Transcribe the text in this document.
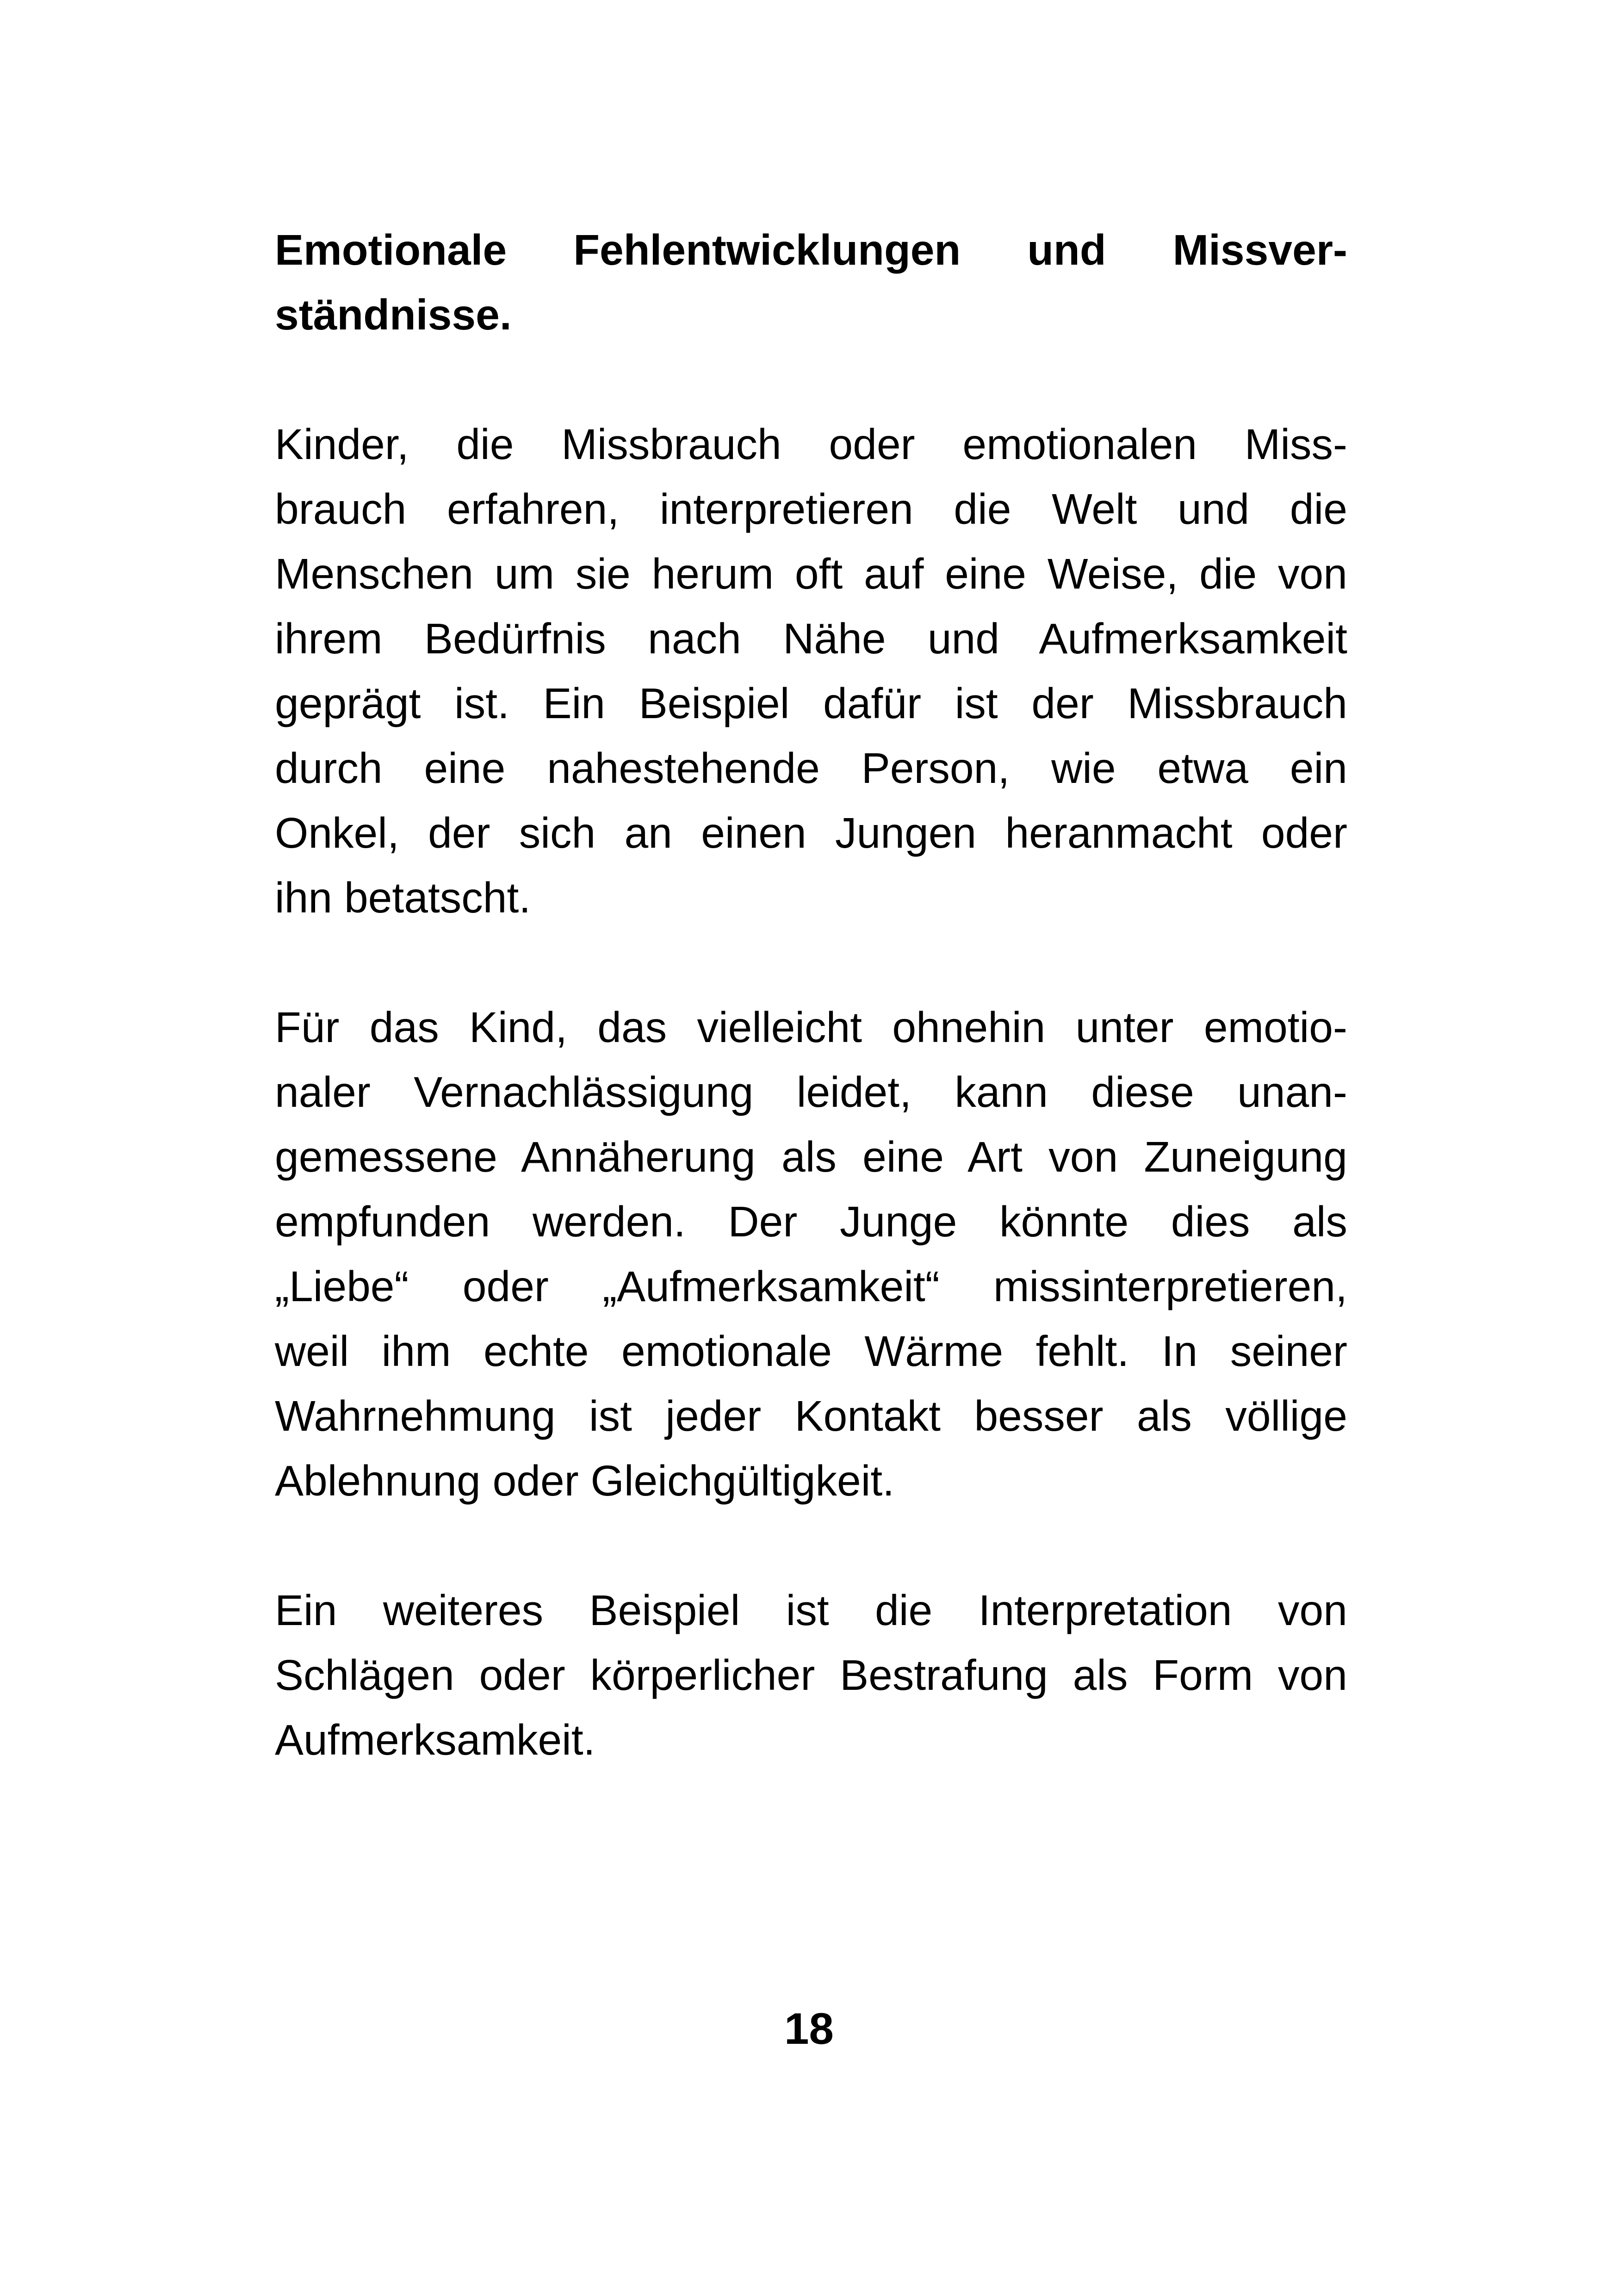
Emotionale Fehlentwicklungen und Missver-
ständnisse.
Kinder, die Missbrauch oder emotionalen Miss-
brauch erfahren, interpretieren die Welt und die
Menschen um sie herum oft auf eine Weise, die von
ihrem Bedürfnis nach Nähe und Aufmerksamkeit
geprägt ist. Ein Beispiel dafür ist der Missbrauch
durch eine nahestehende Person, wie etwa ein
Onkel, der sich an einen Jungen heranmacht oder
ihn betatscht.
Für das Kind, das vielleicht ohnehin unter emotio-
naler Vernachlässigung leidet, kann diese unan-
gemessene Annäherung als eine Art von Zuneigung
empfunden werden. Der Junge könnte dies als
„Liebe“ oder „Aufmerksamkeit“ missinterpretieren,
weil ihm echte emotionale Wärme fehlt. In seiner
Wahrnehmung ist jeder Kontakt besser als völlige
Ablehnung oder Gleichgültigkeit.
Ein weiteres Beispiel ist die Interpretation von
Schlägen oder körperlicher Bestrafung als Form von
Aufmerksamkeit.
18
